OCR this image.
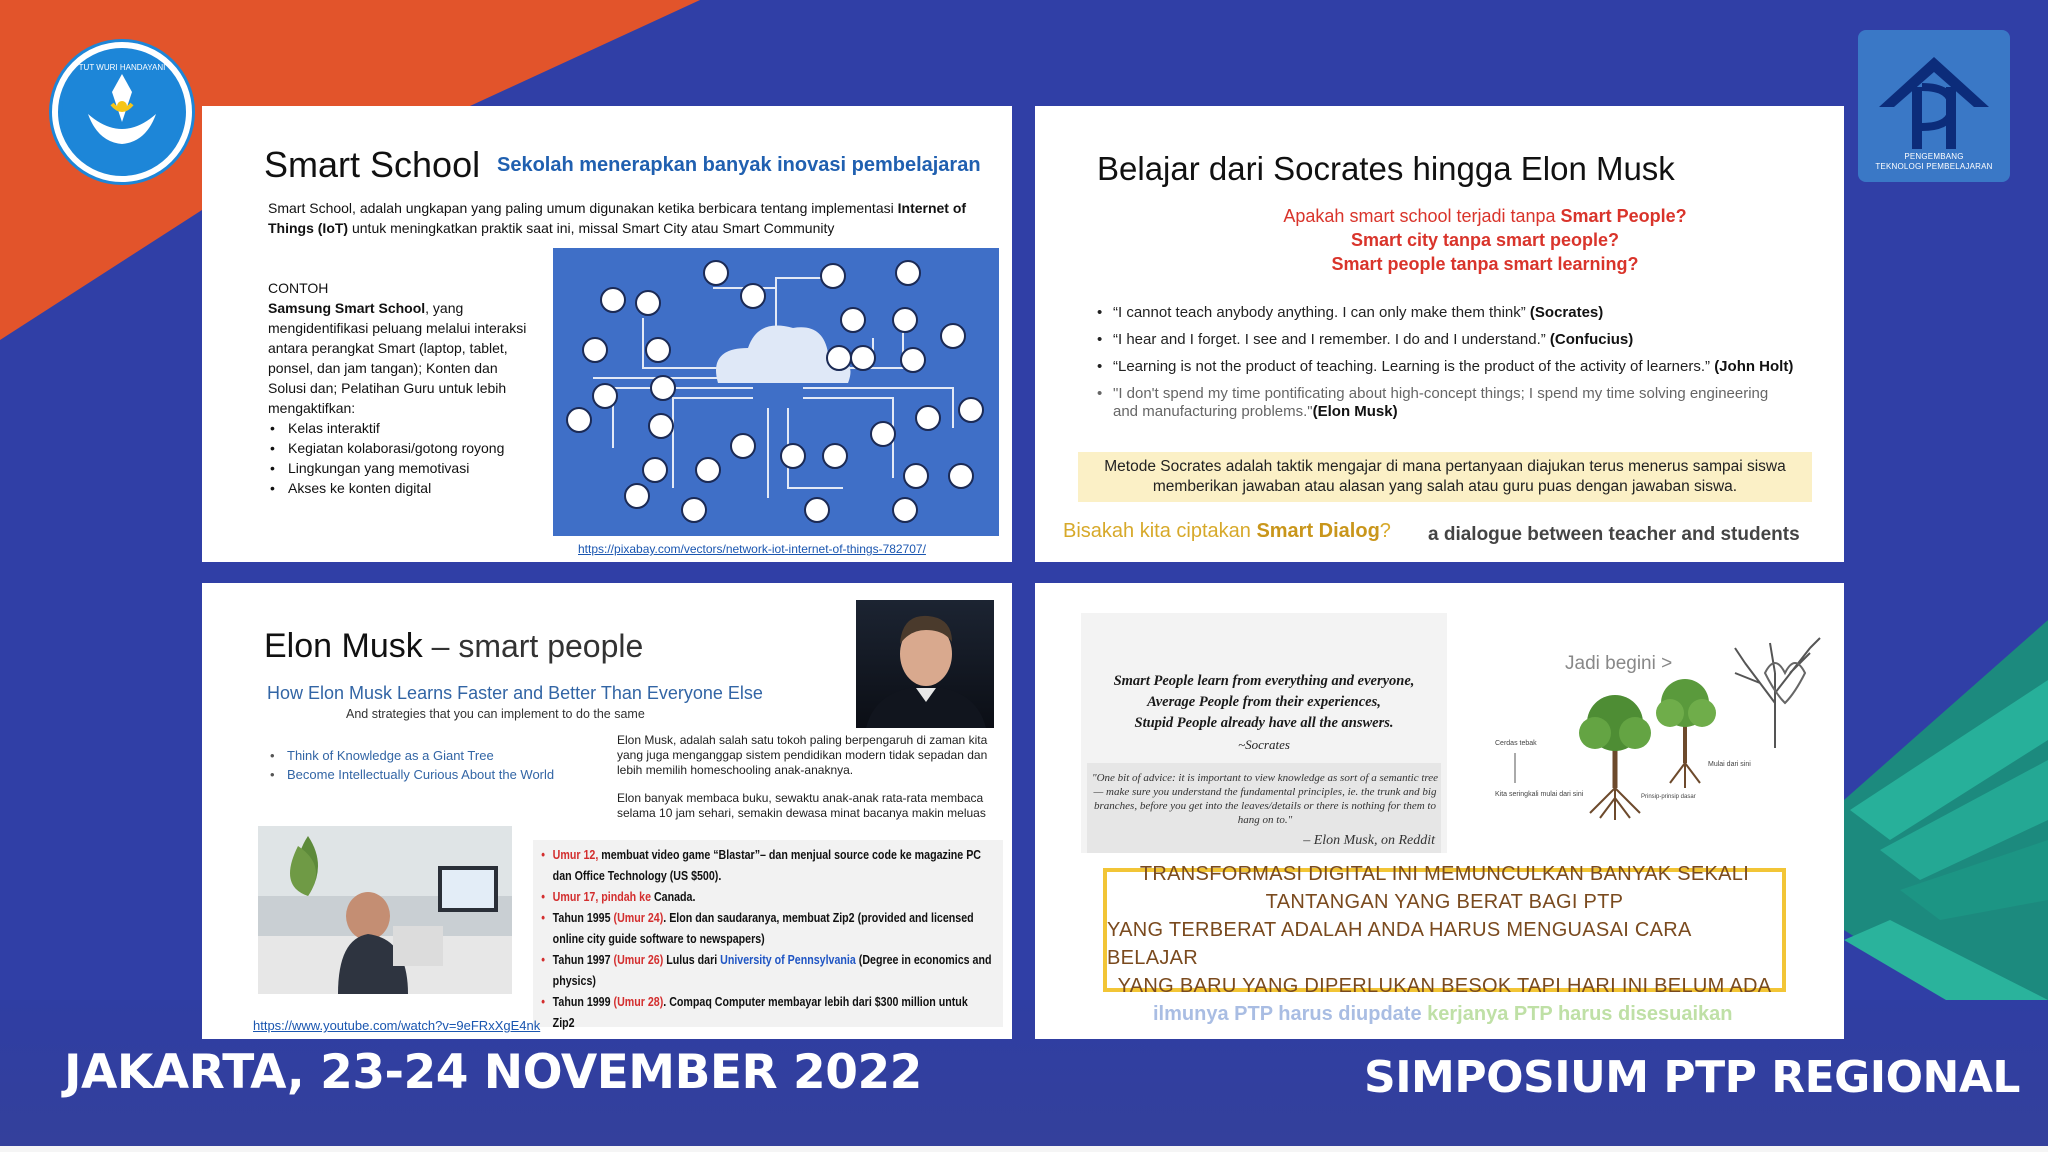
TUT WURI HANDAYANI
PENGEMBANG
TEKNOLOGI PEMBELAJARAN
Smart School Sekolah menerapkan banyak inovasi pembelajaran
Smart School, adalah ungkapan yang paling umum digunakan ketika berbicara tentang implementasi Internet of Things (IoT) untuk meningkatkan praktik saat ini, missal Smart City atau Smart Community
CONTOH
Samsung Smart School, yang mengidentifikasi peluang melalui interaksi antara perangkat Smart (laptop, tablet, ponsel, dan jam tangan); Konten dan Solusi dan; Pelatihan Guru untuk lebih mengaktifkan:
• Kelas interaktif
• Kegiatan kolaborasi/gotong royong
• Lingkungan yang memotivasi
• Akses ke konten digital
https://pixabay.com/vectors/network-iot-internet-of-things-782707/
Belajar dari Socrates hingga Elon Musk
Apakah smart school terjadi tanpa Smart People?
Smart city tanpa smart people?
Smart people tanpa smart learning?
• “I cannot teach anybody anything. I can only make them think” (Socrates)
• “I hear and I forget. I see and I remember. I do and I understand.” (Confucius)
• “Learning is not the product of teaching. Learning is the product of the activity of learners.” (John Holt)
• "I don't spend my time pontificating about high-concept things; I spend my time solving engineering and manufacturing problems."(Elon Musk)
Metode Socrates adalah taktik mengajar di mana pertanyaan diajukan terus menerus sampai siswa memberikan jawaban atau alasan yang salah atau guru puas dengan jawaban siswa.
Bisakah kita ciptakan Smart Dialog? a dialogue between teacher and students
Elon Musk – smart people
How Elon Musk Learns Faster and Better Than Everyone Else
And strategies that you can implement to do the same
• Think of Knowledge as a Giant Tree
• Become Intellectually Curious About the World

Elon Musk, adalah salah satu tokoh paling berpengaruh di zaman kita yang juga menganggap sistem pendidikan modern tidak sepadan dan lebih memilih homeschooling anak-anaknya.

Elon banyak membaca buku, sewaktu anak-anak rata-rata membaca selama 10 jam sehari, semakin dewasa minat bacanya makin meluas

• Umur 12, membuat video game “Blastar”– dan menjual source code ke magazine PC dan Office Technology (US $500).
• Umur 17, pindah ke Canada.
• Tahun 1995 (Umur 24). Elon dan saudaranya, membuat Zip2 (provided and licensed online city guide software to newspapers)
• Tahun 1997 (Umur 26) Lulus dari University of Pennsylvania (Degree in economics and physics)
• Tahun 1999 (Umur 28). Compaq Computer membayar lebih dari $300 million untuk Zip2
https://www.youtube.com/watch?v=9eFRxXgE4nk
Smart People learn from everything and everyone,
Average People from their experiences,
Stupid People already have all the answers.
~Socrates
"One bit of advice: it is important to view knowledge as sort of a semantic tree — make sure you understand the fundamental principles, ie. the trunk and big branches, before you get into the leaves/details or there is nothing for them to hang on to."
– Elon Musk, on Reddit
Cerdas tebak
Kita seringkali mulai dari sini	Prinsip-prinsip dasar
Mulai dari sini
Jadi begini >
TRANSFORMASI DIGITAL INI MEMUNCULKAN BANYAK SEKALI
TANTANGAN YANG BERAT BAGI PTP
YANG TERBERAT ADALAH ANDA HARUS MENGUASAI CARA BELAJAR
YANG BARU YANG DIPERLUKAN BESOK TAPI HARI INI BELUM ADA
ilmunya PTP harus diupdate kerjanya PTP harus disesuaikan
JAKARTA, 23-24 NOVEMBER 2022	SIMPOSIUM PTP REGIONAL
